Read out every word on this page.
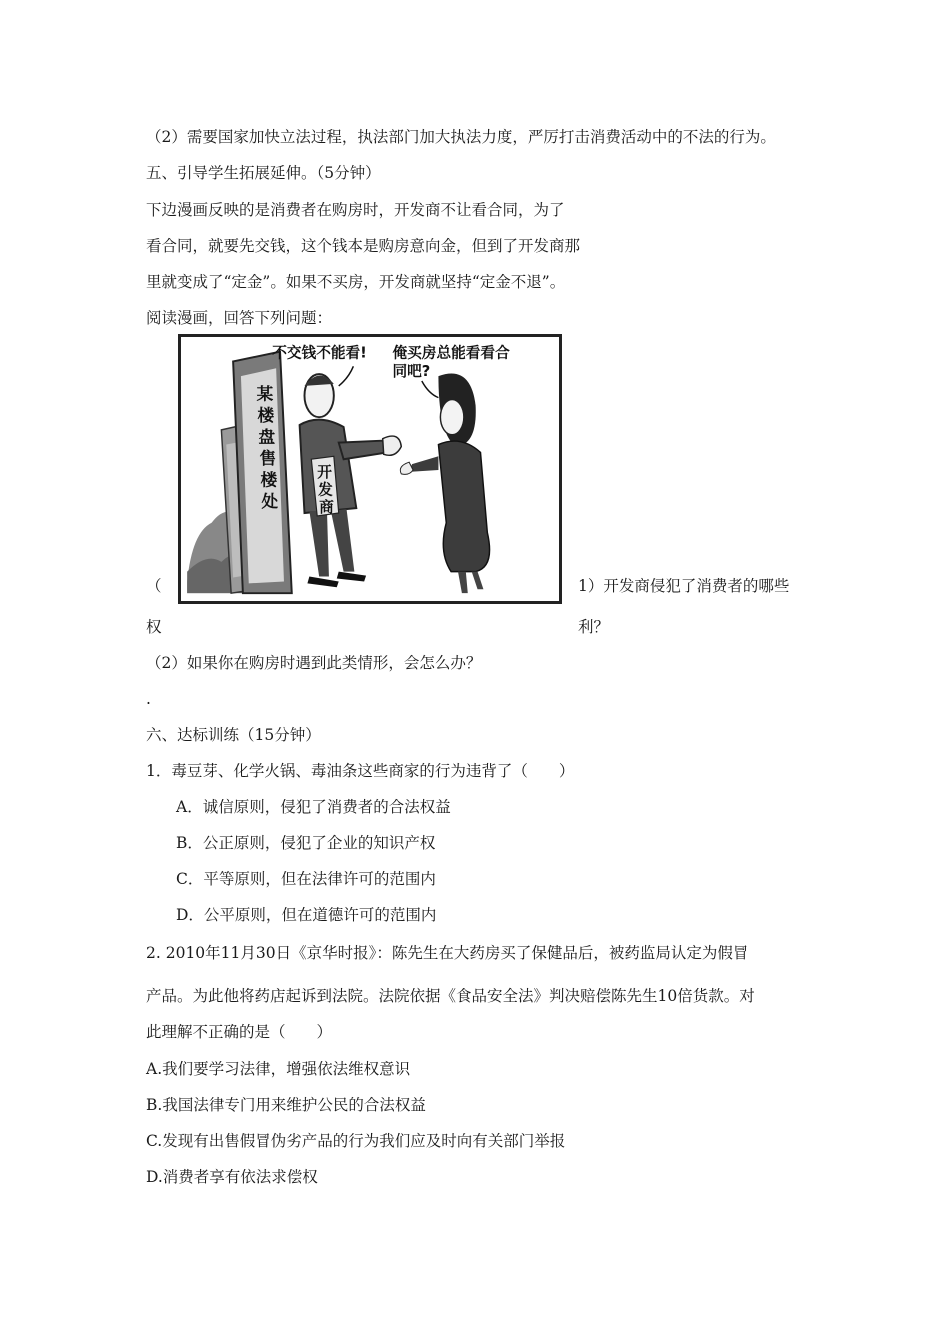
（2）需要国家加快立法过程，执法部门加大执法力度，严厉打击消费活动中的不法的行为。
五、引导学生拓展延伸。（5分钟）
下边漫画反映的是消费者在购房时，开发商不让看合同，为了
看合同，就要先交钱，这个钱本是购房意向金，但到了开发商那
里就变成了“定金”。如果不买房，开发商就坚持“定金不退”。
阅读漫画，回答下列问题：
某
楼
盘
售
楼
处
开
发
商
不交钱不能看! 俺买房总能看看合
同吧?
（	1）开发商侵犯了消费者的哪些
权	利？
（2）如果你在购房时遇到此类情形，会怎么办？
.
六、达标训练（15分钟）
1．毒豆芽、化学火锅、毒油条这些商家的行为违背了（　　）
A．诚信原则，侵犯了消费者的合法权益
B．公正原则，侵犯了企业的知识产权
C．平等原则，但在法律许可的范围内
D．公平原则，但在道德许可的范围内
2. 2010年11月30日《京华时报》：陈先生在大药房买了保健品后，被药监局认定为假冒
产品。为此他将药店起诉到法院。法院依据《食品安全法》判决赔偿陈先生10倍货款。对
此理解不正确的是（　　）
A.我们要学习法律，增强依法维权意识
B.我国法律专门用来维护公民的合法权益
C.发现有出售假冒伪劣产品的行为我们应及时向有关部门举报
D.消费者享有依法求偿权
